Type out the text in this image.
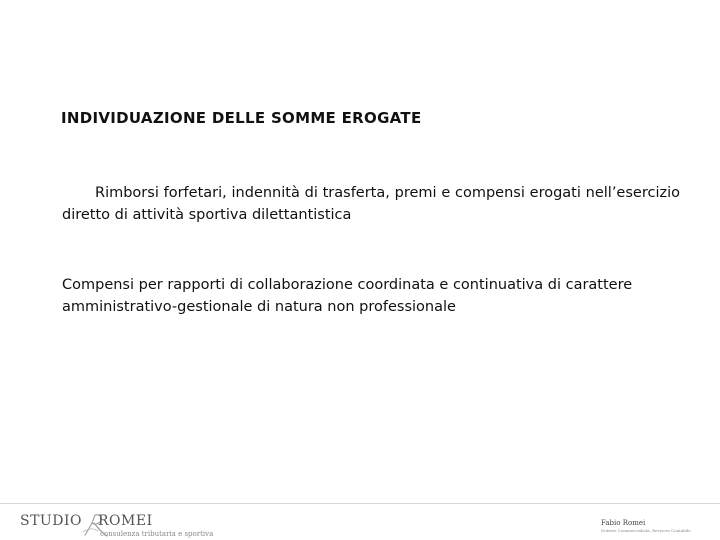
INDIVIDUAZIONE DELLE SOMME EROGATE
Rimborsi forfetari, indennità di trasferta, premi e compensi erogati nell’esercizio diretto di attività sportiva dilettantistica
Compensi per rapporti di collaborazione coordinata e continuativa di carattere amministrativo-gestionale di natura non professionale
STUDIO ROMEI
consulenza tributaria e sportiva
Fabio Romei
Dottore Commercialista, Revisore Contabile
